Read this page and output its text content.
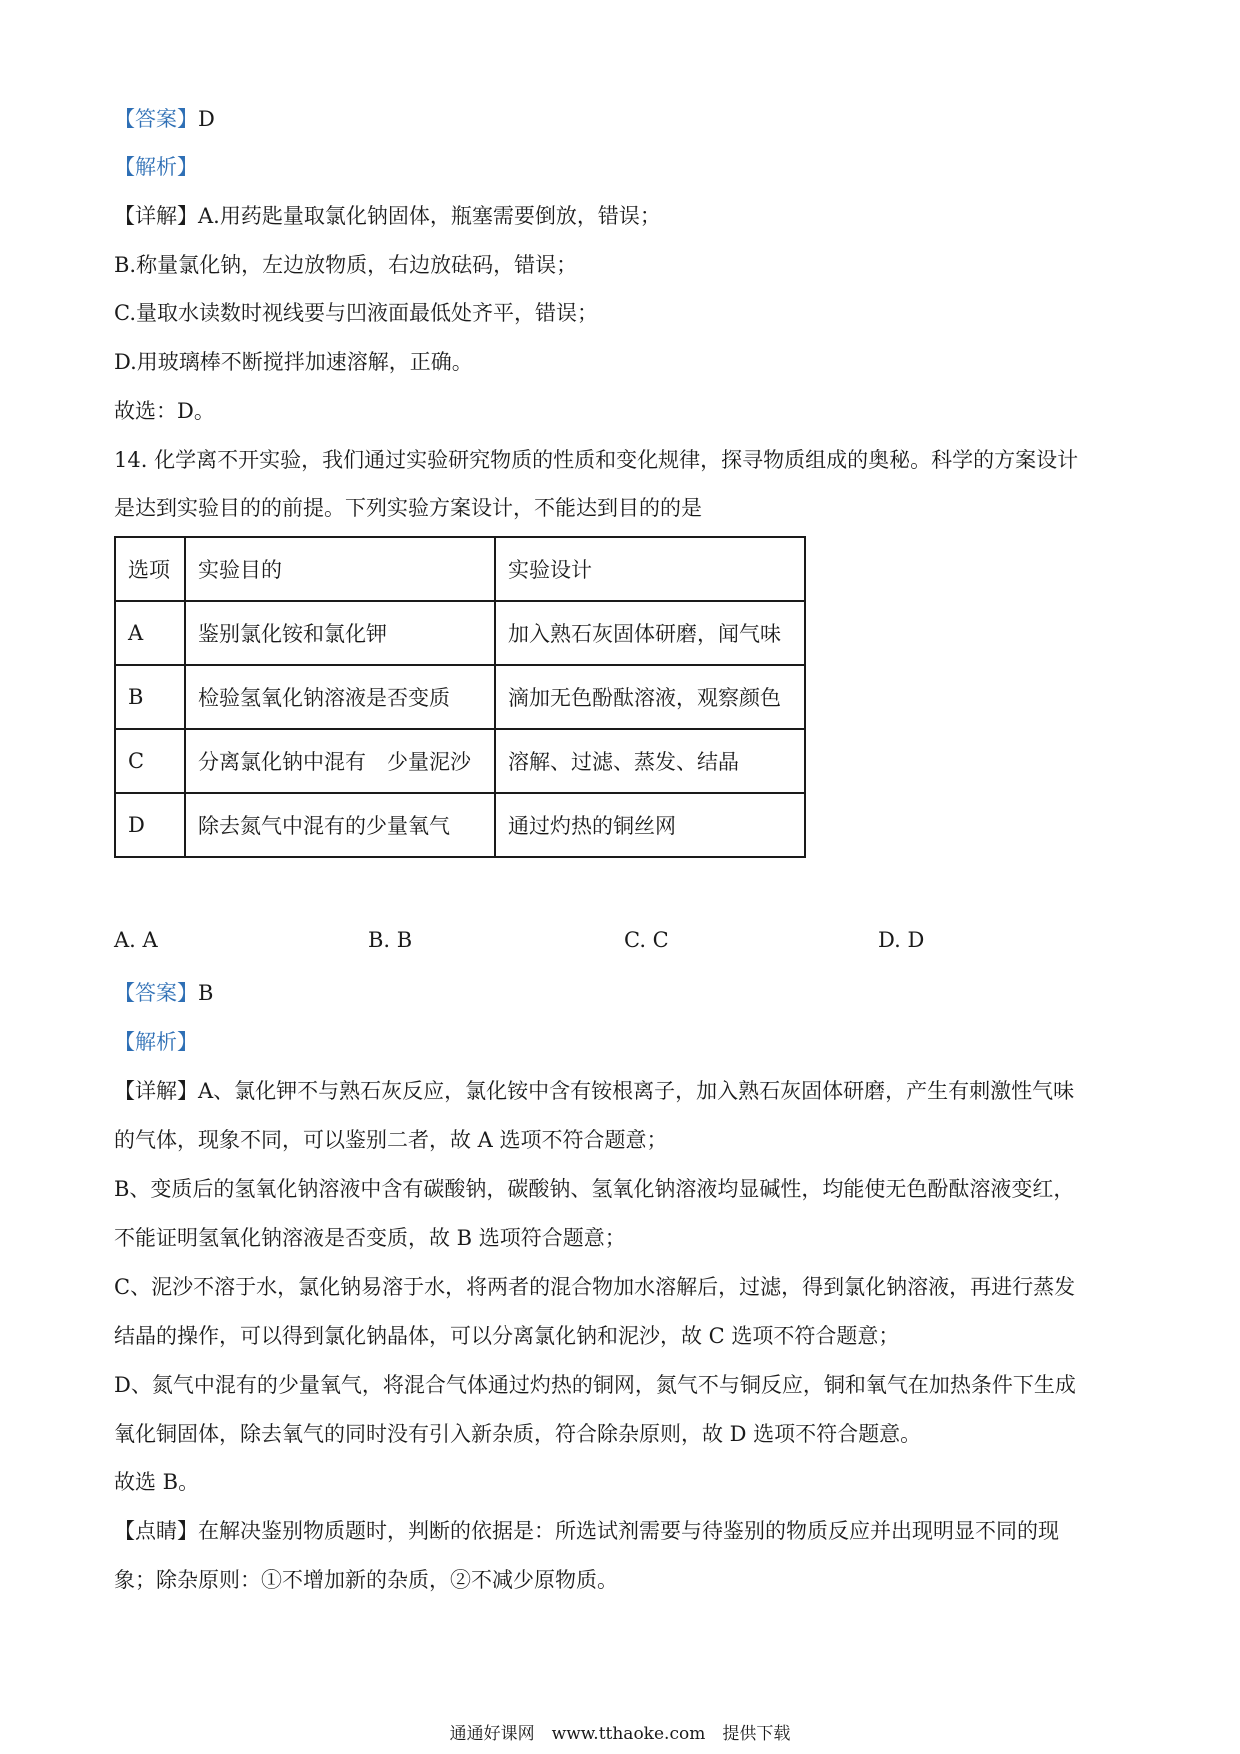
【答案】D
【解析】
【详解】A.用药匙量取氯化钠固体，瓶塞需要倒放，错误；
B.称量氯化钠，左边放物质，右边放砝码，错误；
C.量取水读数时视线要与凹液面最低处齐平，错误；
D.用玻璃棒不断搅拌加速溶解，正确。
故选：D。
14. 化学离不开实验，我们通过实验研究物质的性质和变化规律，探寻物质组成的奥秘。科学的方案设计
是达到实验目的的前提。下列实验方案设计，不能达到目的的是
选项	实验目的	实验设计
A	鉴别氯化铵和氯化钾	加入熟石灰固体研磨，闻气味
B	检验氢氧化钠溶液是否变质	滴加无色酚酞溶液，观察颜色
C	分离氯化钠中混有　少量泥沙	溶解、过滤、蒸发、结晶
D	除去氮气中混有的少量氧气	通过灼热的铜丝网
A. A	B. B	C. C	D. D
【答案】B
【解析】
【详解】A、氯化钾不与熟石灰反应，氯化铵中含有铵根离子，加入熟石灰固体研磨，产生有刺激性气味
的气体，现象不同，可以鉴别二者，故 A 选项不符合题意；
B、变质后的氢氧化钠溶液中含有碳酸钠，碳酸钠、氢氧化钠溶液均显碱性，均能使无色酚酞溶液变红，
不能证明氢氧化钠溶液是否变质，故 B 选项符合题意；
C、泥沙不溶于水，氯化钠易溶于水，将两者的混合物加水溶解后，过滤，得到氯化钠溶液，再进行蒸发
结晶的操作，可以得到氯化钠晶体，可以分离氯化钠和泥沙，故 C 选项不符合题意；
D、氮气中混有的少量氧气，将混合气体通过灼热的铜网，氮气不与铜反应，铜和氧气在加热条件下生成
氧化铜固体，除去氧气的同时没有引入新杂质，符合除杂原则，故 D 选项不符合题意。
故选 B。
【点睛】在解决鉴别物质题时，判断的依据是：所选试剂需要与待鉴别的物质反应并出现明显不同的现
象；除杂原则：①不增加新的杂质，②不减少原物质。
通通好课网　www.tthaoke.com　提供下载
